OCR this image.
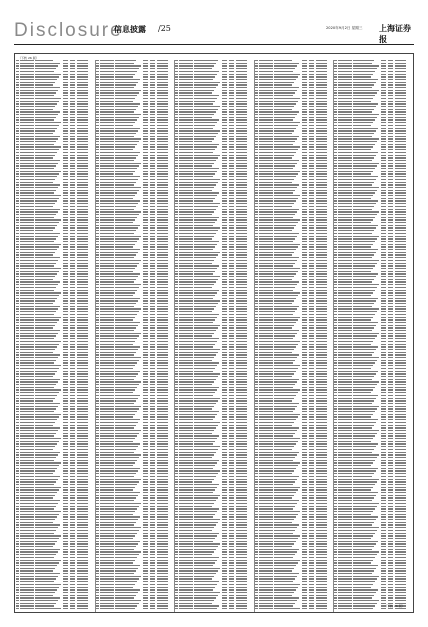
Disclosure
信息披露 /25	2020年9月2日 星期三 上海证券报
（下转 26 版）
（下转 26 版）
